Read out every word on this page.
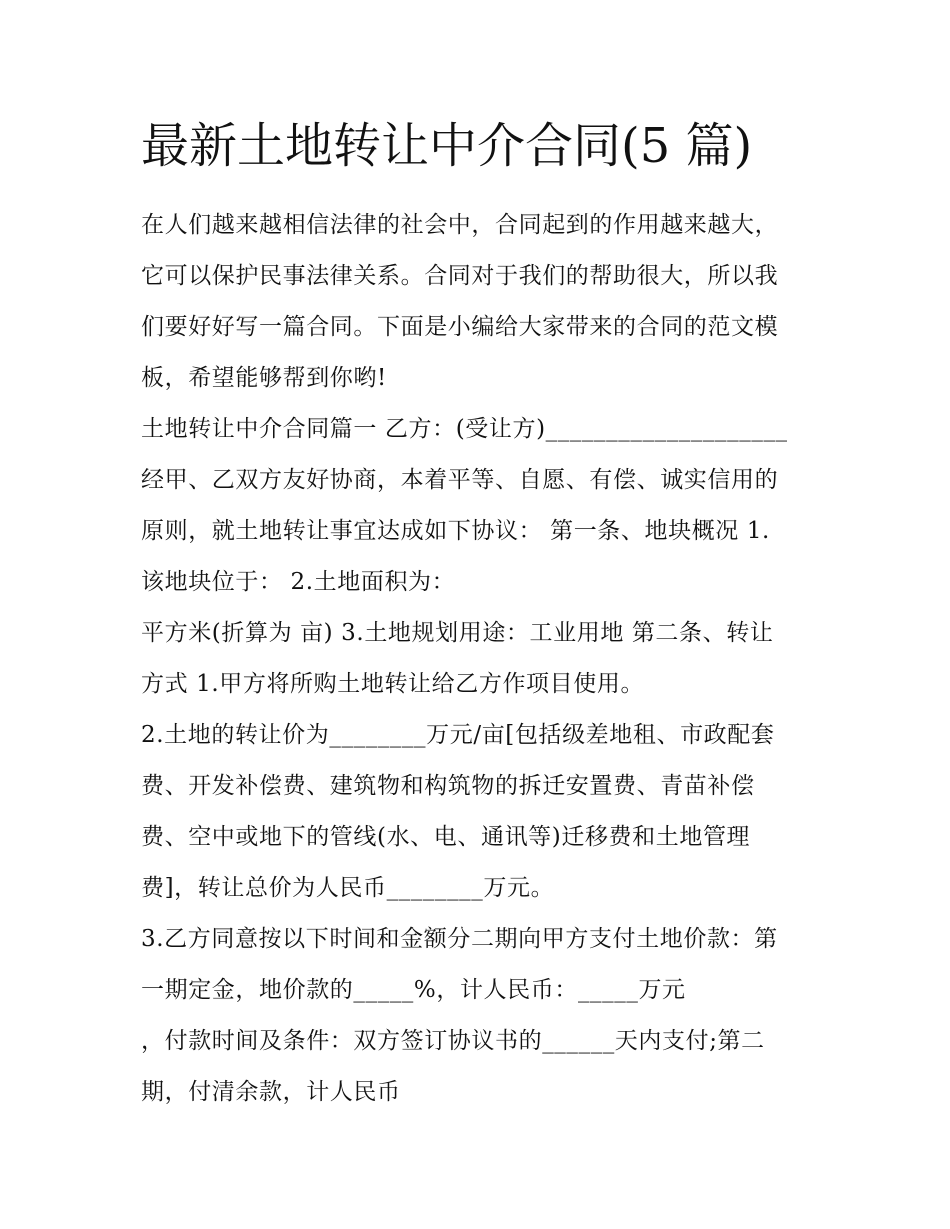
最新土地转让中介合同(5 篇)

在人们越来越相信法律的社会中，合同起到的作用越来越大，
它可以保护民事法律关系。合同对于我们的帮助很大，所以我
们要好好写一篇合同。下面是小编给大家带来的合同的范文模
板，希望能够帮到你哟!

土地转让中介合同篇一 乙方：(受让方)____________________
经甲、乙双方友好协商，本着平等、自愿、有偿、诚实信用的
原则，就土地转让事宜达成如下协议： 第一条、地块概况 1.
该地块位于： 2.土地面积为：

平方米(折算为 亩) 3.土地规划用途：工业用地 第二条、转让
方式 1.甲方将所购土地转让给乙方作项目使用。

2.土地的转让价为________万元/亩[包括级差地租、市政配套
费、开发补偿费、建筑物和构筑物的拆迁安置费、青苗补偿
费、空中或地下的管线(水、电、通讯等)迁移费和土地管理
费]，转让总价为人民币________万元。

3.乙方同意按以下时间和金额分二期向甲方支付土地价款：第
一期定金，地价款的_____%，计人民币：_____万元
，付款时间及条件：双方签订协议书的______天内支付;第二
期，付清余款，计人民币
